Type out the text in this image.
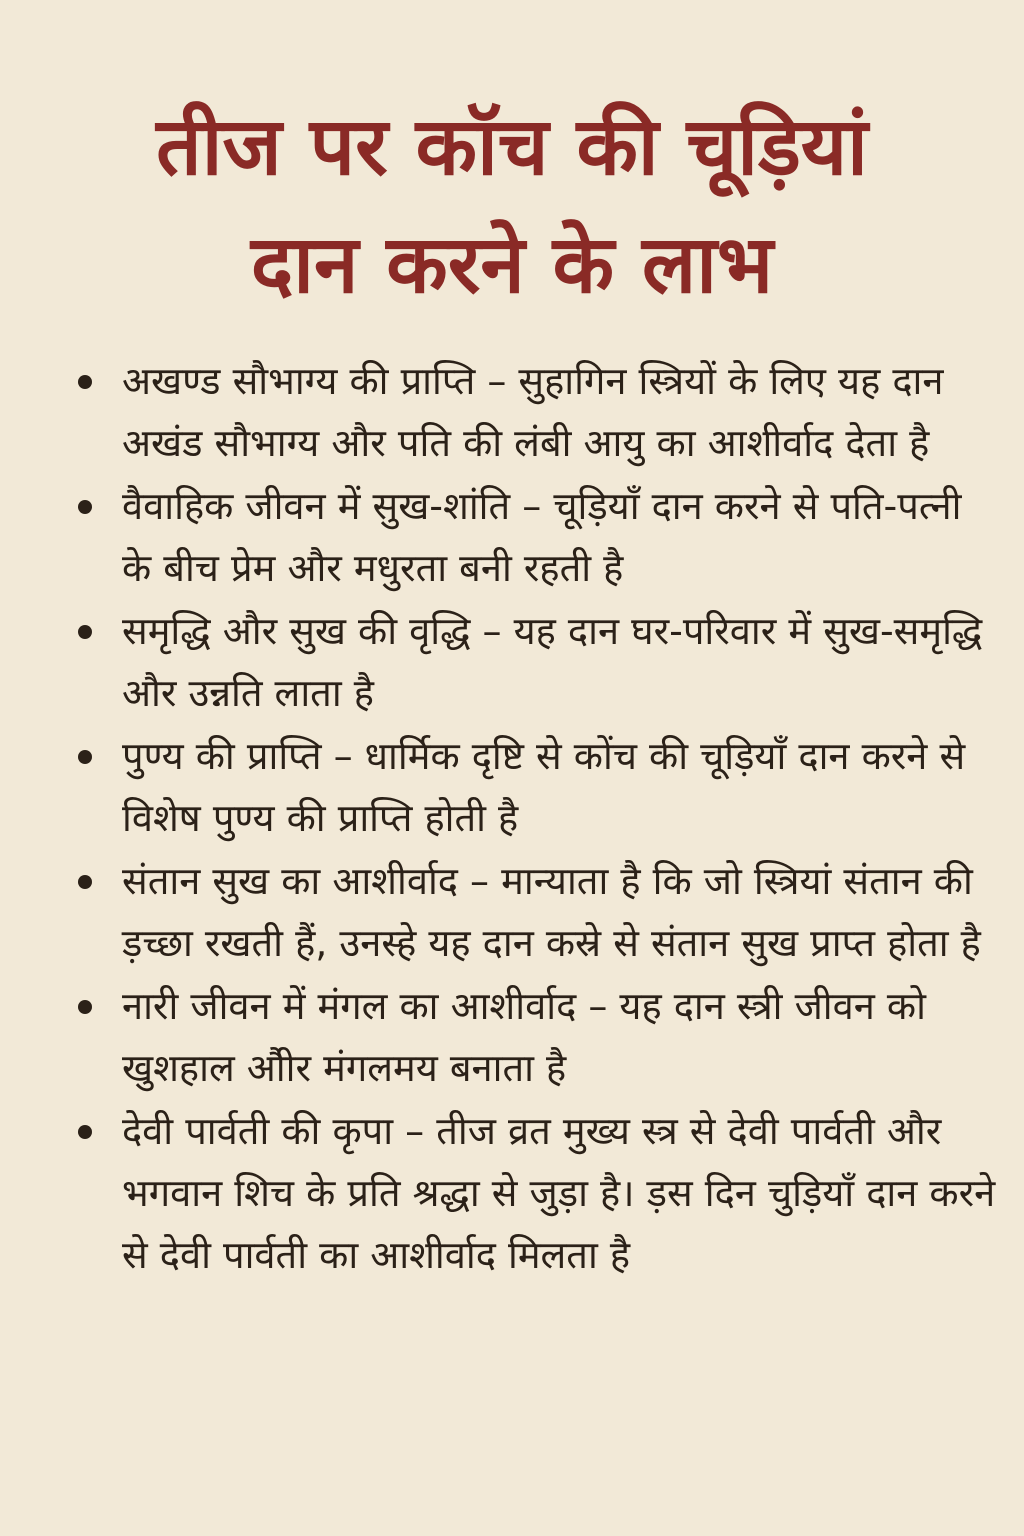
तीज पर कॉच की चूड़ियां
दान करने के लाभ
अखण्ड सौभाग्य की प्राप्ति – सुहागिन स्त्रियों के लिए यह दान अखंड सौभाग्य और पति की लंबी आयु का आशीर्वाद देता है
वैवाहिक जीवन में सुख-शांति – चूड़ियॉं दान करने से पति-पत्नी के बीच प्रेम और मधुरता बनी रहती है
समृद्धि और सुख की वृद्धि – यह दान घर-परिवार में सुख-समृद्धि और उन्नति लाता है
पुण्य की प्राप्ति – धार्मिक दृष्टि से कोंच की चूड़ियॉं दान करने से विशेष पुण्य की प्राप्ति होती है
संतान सुख का आशीर्वाद – मान्याता है कि जो स्त्रियां संतान की ड़च्छा रखती हैं, उनस्हे यह दान कस्रे से संतान सुख प्राप्त होता है
नारी जीवन में मंगल का आशीर्वाद – यह दान स्त्री जीवन को खुशहाल औीर मंगलमय बनाता है
देवी पार्वती की कृपा – तीज व्रत मुख्य स्त्र से देवी पार्वती और भगवान शिच के प्रति श्रद्धा से जुड़ा है। ड़स दिन चुड़ियॉं दान करने से देवी पार्वती का आशीर्वाद मिलता है
